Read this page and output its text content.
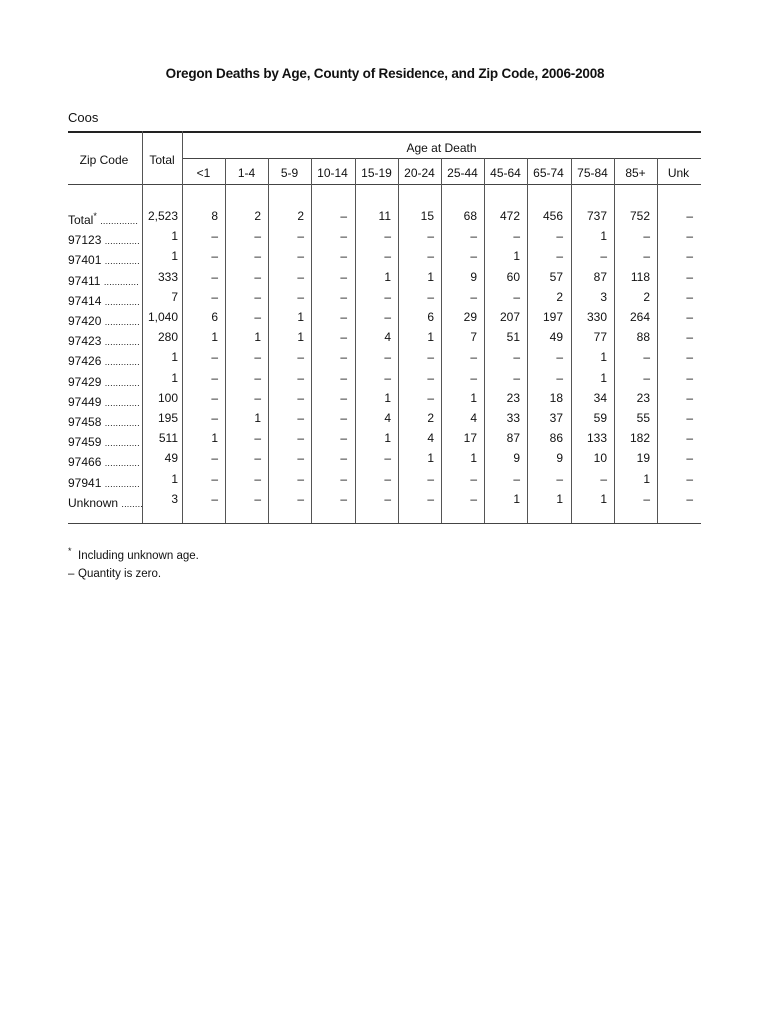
Oregon Deaths by Age, County of Residence, and Zip Code, 2006-2008
Coos
Zip Code	Total
Age at Death
<1	1-4	5-9	10-14	15-19	20-24	25-44	45-64	65-74	75-84	85+	Unk
Total* .............. 2,523	8	2	2	–	11	15	68	472	456	737	752	–
97123 .............	1	–	–	–	–	–	–	–	–	–	1	–	–
97401 .............	1	–	–	–	–	–	–	–	1	–	–	–	–
97411 .............	333	–	–	–	–	1	1	9	60	57	87	118	–
97414 .............	7	–	–	–	–	–	–	–	–	2	3	2	–
97420 ............. 1,040	6	–	1	–	–	6	29	207	197	330	264	–
97423 .............	280	1	1	1	–	4	1	7	51	49	77	88	–
97426 .............	1	–	–	–	–	–	–	–	–	–	1	–	–
97429 .............	1	–	–	–	–	–	–	–	–	–	1	–	–
97449 .............	100	–	–	–	–	1	–	1	23	18	34	23	–
97458 .............	195	–	1	–	–	4	2	4	33	37	59	55	–
97459 .............	511	1	–	–	–	1	4	17	87	86	133	182	–
97466 .............	49	–	–	–	–	–	1	1	9	9	10	19	–
97941 .............	1	–	–	–	–	–	–	–	–	–	–	1	–
Unknown ........	3	–	–	–	–	–	–	–	1	1	1	–	–
* Including unknown age.
– Quantity is zero.
